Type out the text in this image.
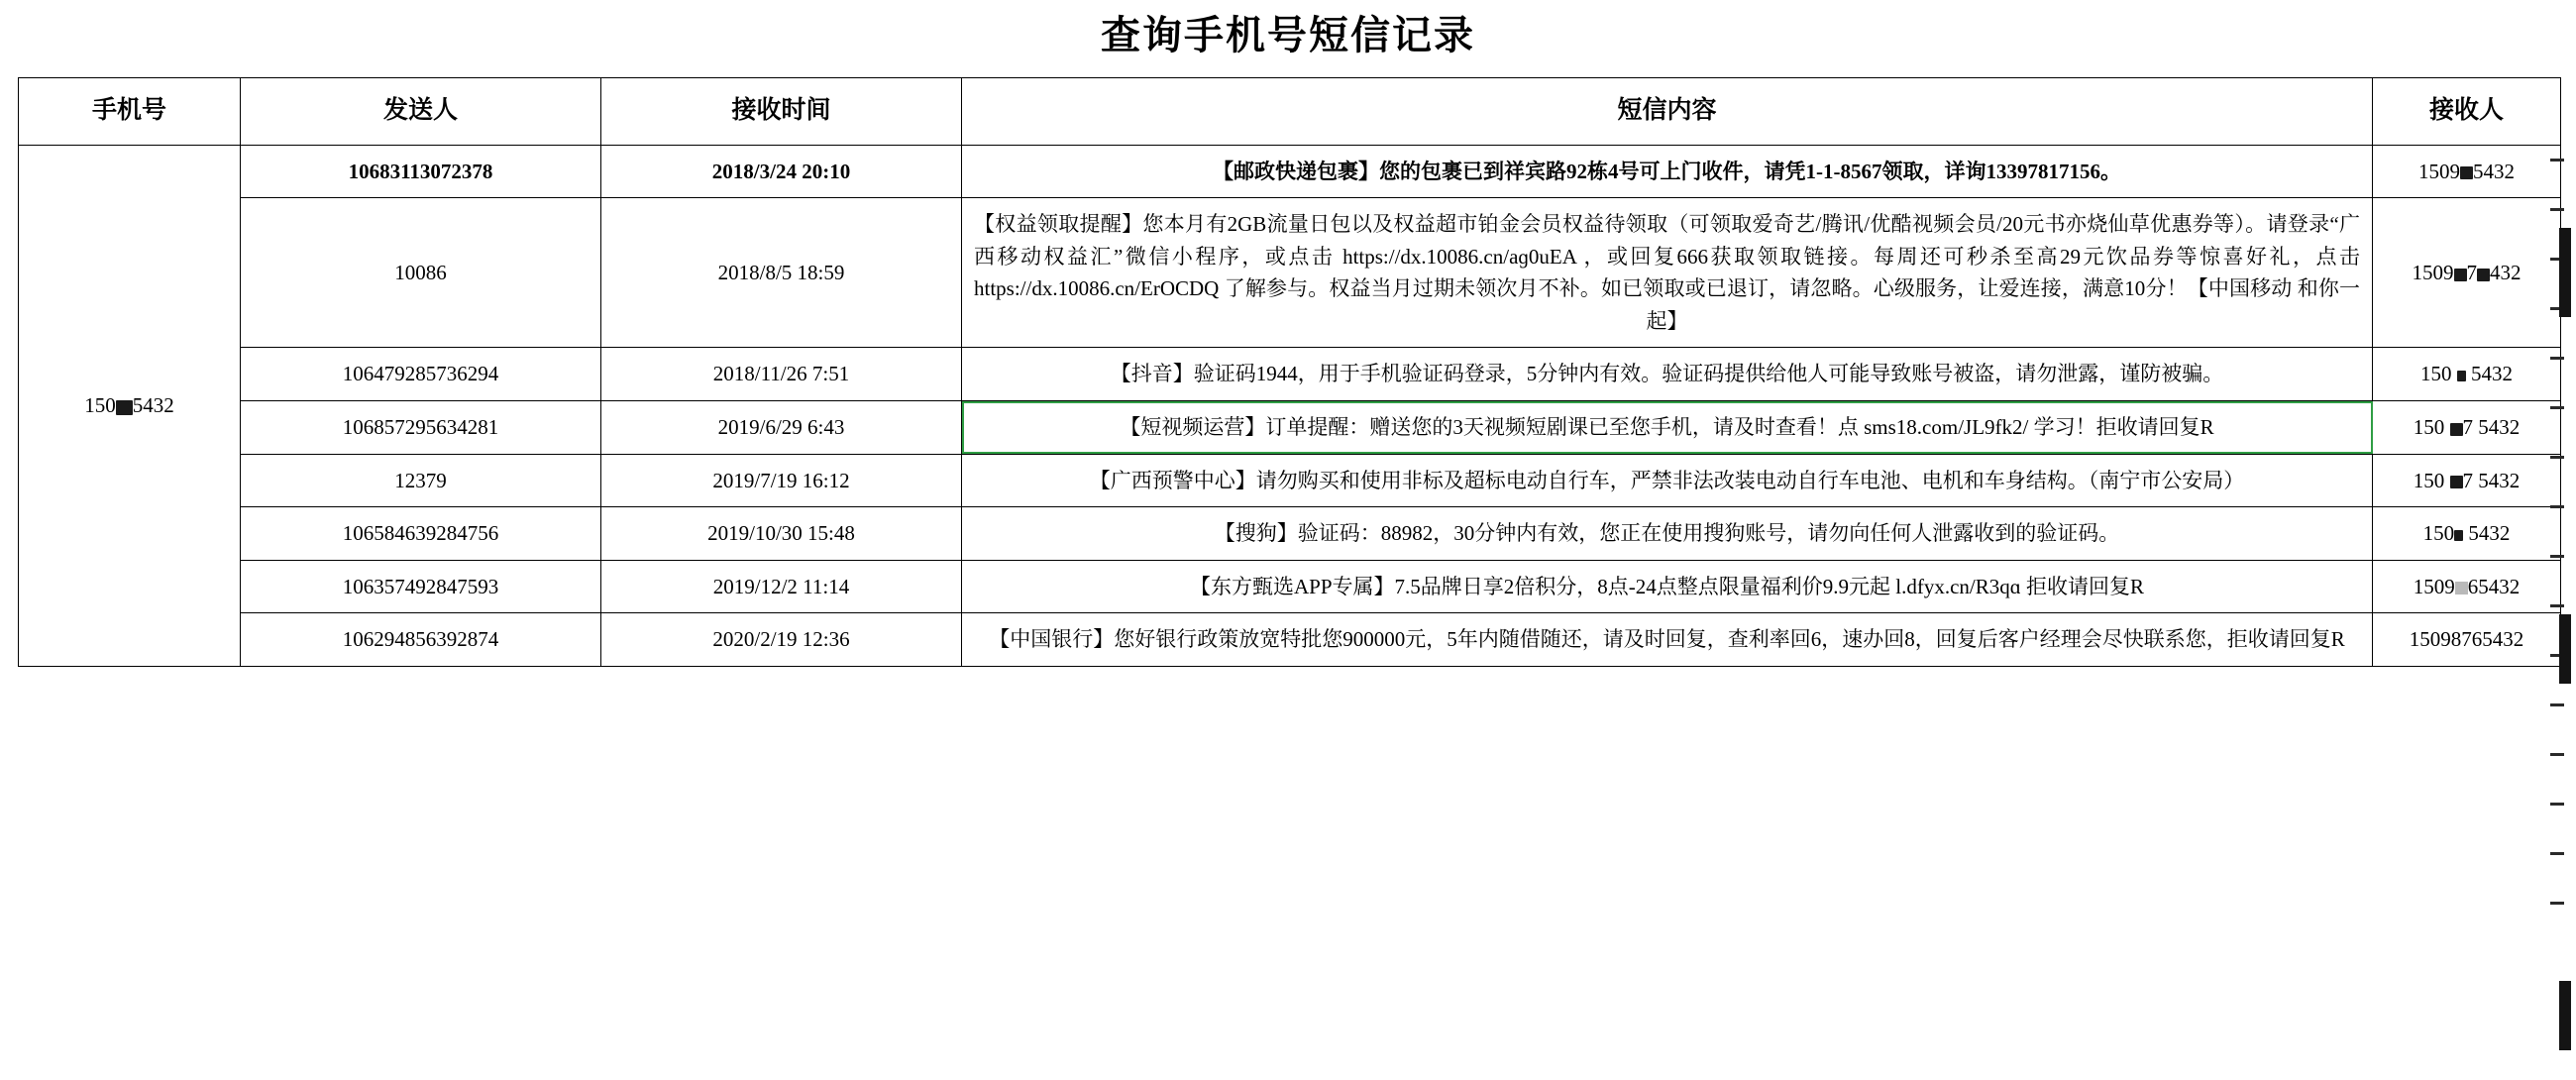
查询手机号短信记录
手机号	发送人	接收时间	短信内容	接收人
150 5432	10683113072378	2018/3/24 20:10	【邮政快递包裹】您的包裹已到祥宾路92栋4号可上门收件，请凭1-1-8567领取，详询13397817156。	1509 5432
	10086	2018/8/5 18:59	【权益领取提醒】您本月有2GB流量日包以及权益超市铂金会员权益待领取（可领取爱奇艺/腾讯/优酷视频会员/20元书亦烧仙草优惠券等）。请登录“广西移动权益汇”微信小程序，或点击 https://dx.10086.cn/aɡ0uEA ，或回复666获取领取链接。每周还可秒杀至高29元饮品券等惊喜好礼，点击 https://dx.10086.cn/ErOCDQ 了解参与。权益当月过期未领次月不补。如已领取或已退订，请忽略。心级服务，让爱连接，满意10分！【中国移动 和你一起】	1509 7 432
	106479285736294	2018/11/26 7:51	【抖音】验证码1944，用于手机验证码登录，5分钟内有效。验证码提供给他人可能导致账号被盗，请勿泄露，谨防被骗。	150 5432
	106857295634281	2019/6/29 6:43	【短视频运营】订单提醒：赠送您的3天视频短剧课已至您手机，请及时查看！点 sms18.com/JL9fk2/ 学习！拒收请回复R	150 7 5432
	12379	2019/7/19 16:12	【广西预警中心】请勿购买和使用非标及超标电动自行车，严禁非法改装电动自行车电池、电机和车身结构。（南宁市公安局）	150 7 5432
	106584639284756	2019/10/30 15:48	【搜狗】验证码：88982，30分钟内有效，您正在使用搜狗账号，请勿向任何人泄露收到的验证码。	150 5432
	106357492847593	2019/12/2 11:14	【东方甄选APP专属】7.5品牌日享2倍积分，8点-24点整点限量福利价9.9元起 l.dfyx.cn/R3qɑ 拒收请回复R	1509 65432
	106294856392874	2020/2/19 12:36	【中国银行】您好银行政策放宽特批您900000元，5年内随借随还，请及时回复，查利率回6，速办回8，回复后客户经理会尽快联系您，拒收请回复R	15098765432
